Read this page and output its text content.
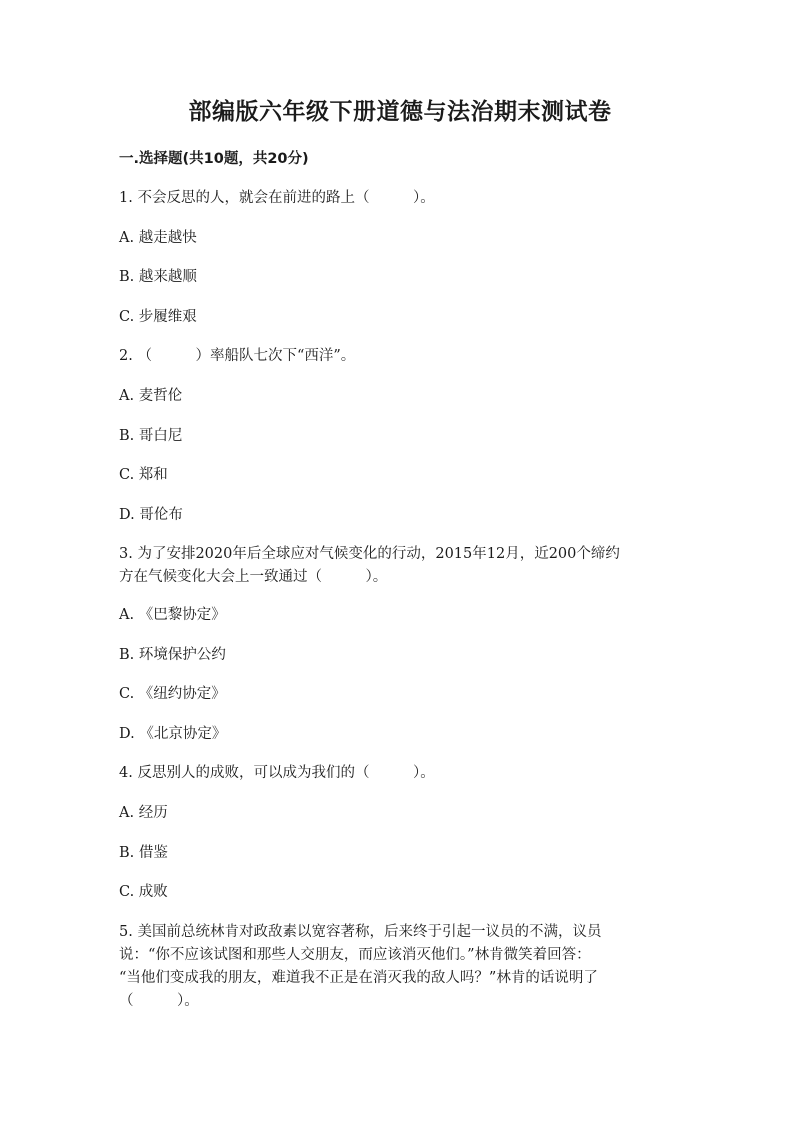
部编版六年级下册道德与法治期末测试卷
一.选择题(共10题，共20分)
1. 不会反思的人，就会在前进的路上（　　　）。
A. 越走越快
B. 越来越顺
C. 步履维艰
2. （　　　）率船队七次下“西洋”。
A. 麦哲伦
B. 哥白尼
C. 郑和
D. 哥伦布
3. 为了安排2020年后全球应对气候变化的行动，2015年12月，近200个缔约
方在气候变化大会上一致通过（　　　）。
A. 《巴黎协定》
B. 环境保护公约
C. 《纽约协定》
D. 《北京协定》
4. 反思别人的成败，可以成为我们的（　　　）。
A. 经历
B. 借鉴
C. 成败
5. 美国前总统林肯对政敌素以宽容著称，后来终于引起一议员的不满，议员
说：“你不应该试图和那些人交朋友，而应该消灭他们。”林肯微笑着回答：
“当他们变成我的朋友，难道我不正是在消灭我的敌人吗？”林肯的话说明了
（　　　）。
